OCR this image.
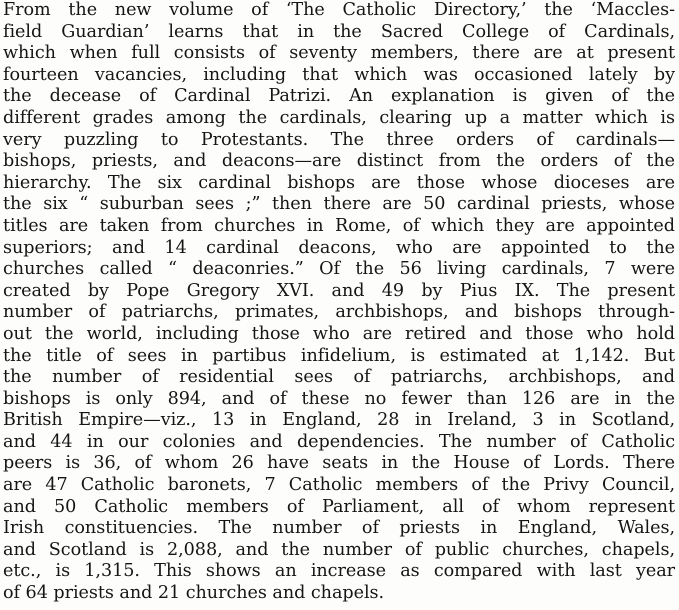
From the new volume of ‘The Catholic Directory,’ the ‘Maccles-
field Guardian’ learns that in the Sacred College of Cardinals,
which when full consists of seventy members, there are at present
fourteen vacancies, including that which was occasioned lately by
the decease of Cardinal Patrizi. An explanation is given of the
different grades among the cardinals, clearing up a matter which is
very puzzling to Protestants. The three orders of cardinals—
bishops, priests, and deacons—are distinct from the orders of the
hierarchy. The six cardinal bishops are those whose dioceses are
the six “ suburban sees ;” then there are 50 cardinal priests, whose
titles are taken from churches in Rome, of which they are appointed
superiors; and 14 cardinal deacons, who are appointed to the
churches called “ deaconries.” Of the 56 living cardinals, 7 were
created by Pope Gregory XVI. and 49 by Pius IX. The present
number of patriarchs, primates, archbishops, and bishops through-
out the world, including those who are retired and those who hold
the title of sees in partibus infidelium, is estimated at 1,142. But
the number of residential sees of patriarchs, archbishops, and
bishops is only 894, and of these no fewer than 126 are in the
British Empire—viz., 13 in England, 28 in Ireland, 3 in Scotland,
and 44 in our colonies and dependencies. The number of Catholic
peers is 36, of whom 26 have seats in the House of Lords. There
are 47 Catholic baronets, 7 Catholic members of the Privy Council,
and 50 Catholic members of Parliament, all of whom represent
Irish constituencies. The number of priests in England, Wales,
and Scotland is 2,088, and the number of public churches, chapels,
etc., is 1,315. This shows an increase as compared with last year
of 64 priests and 21 churches and chapels.
